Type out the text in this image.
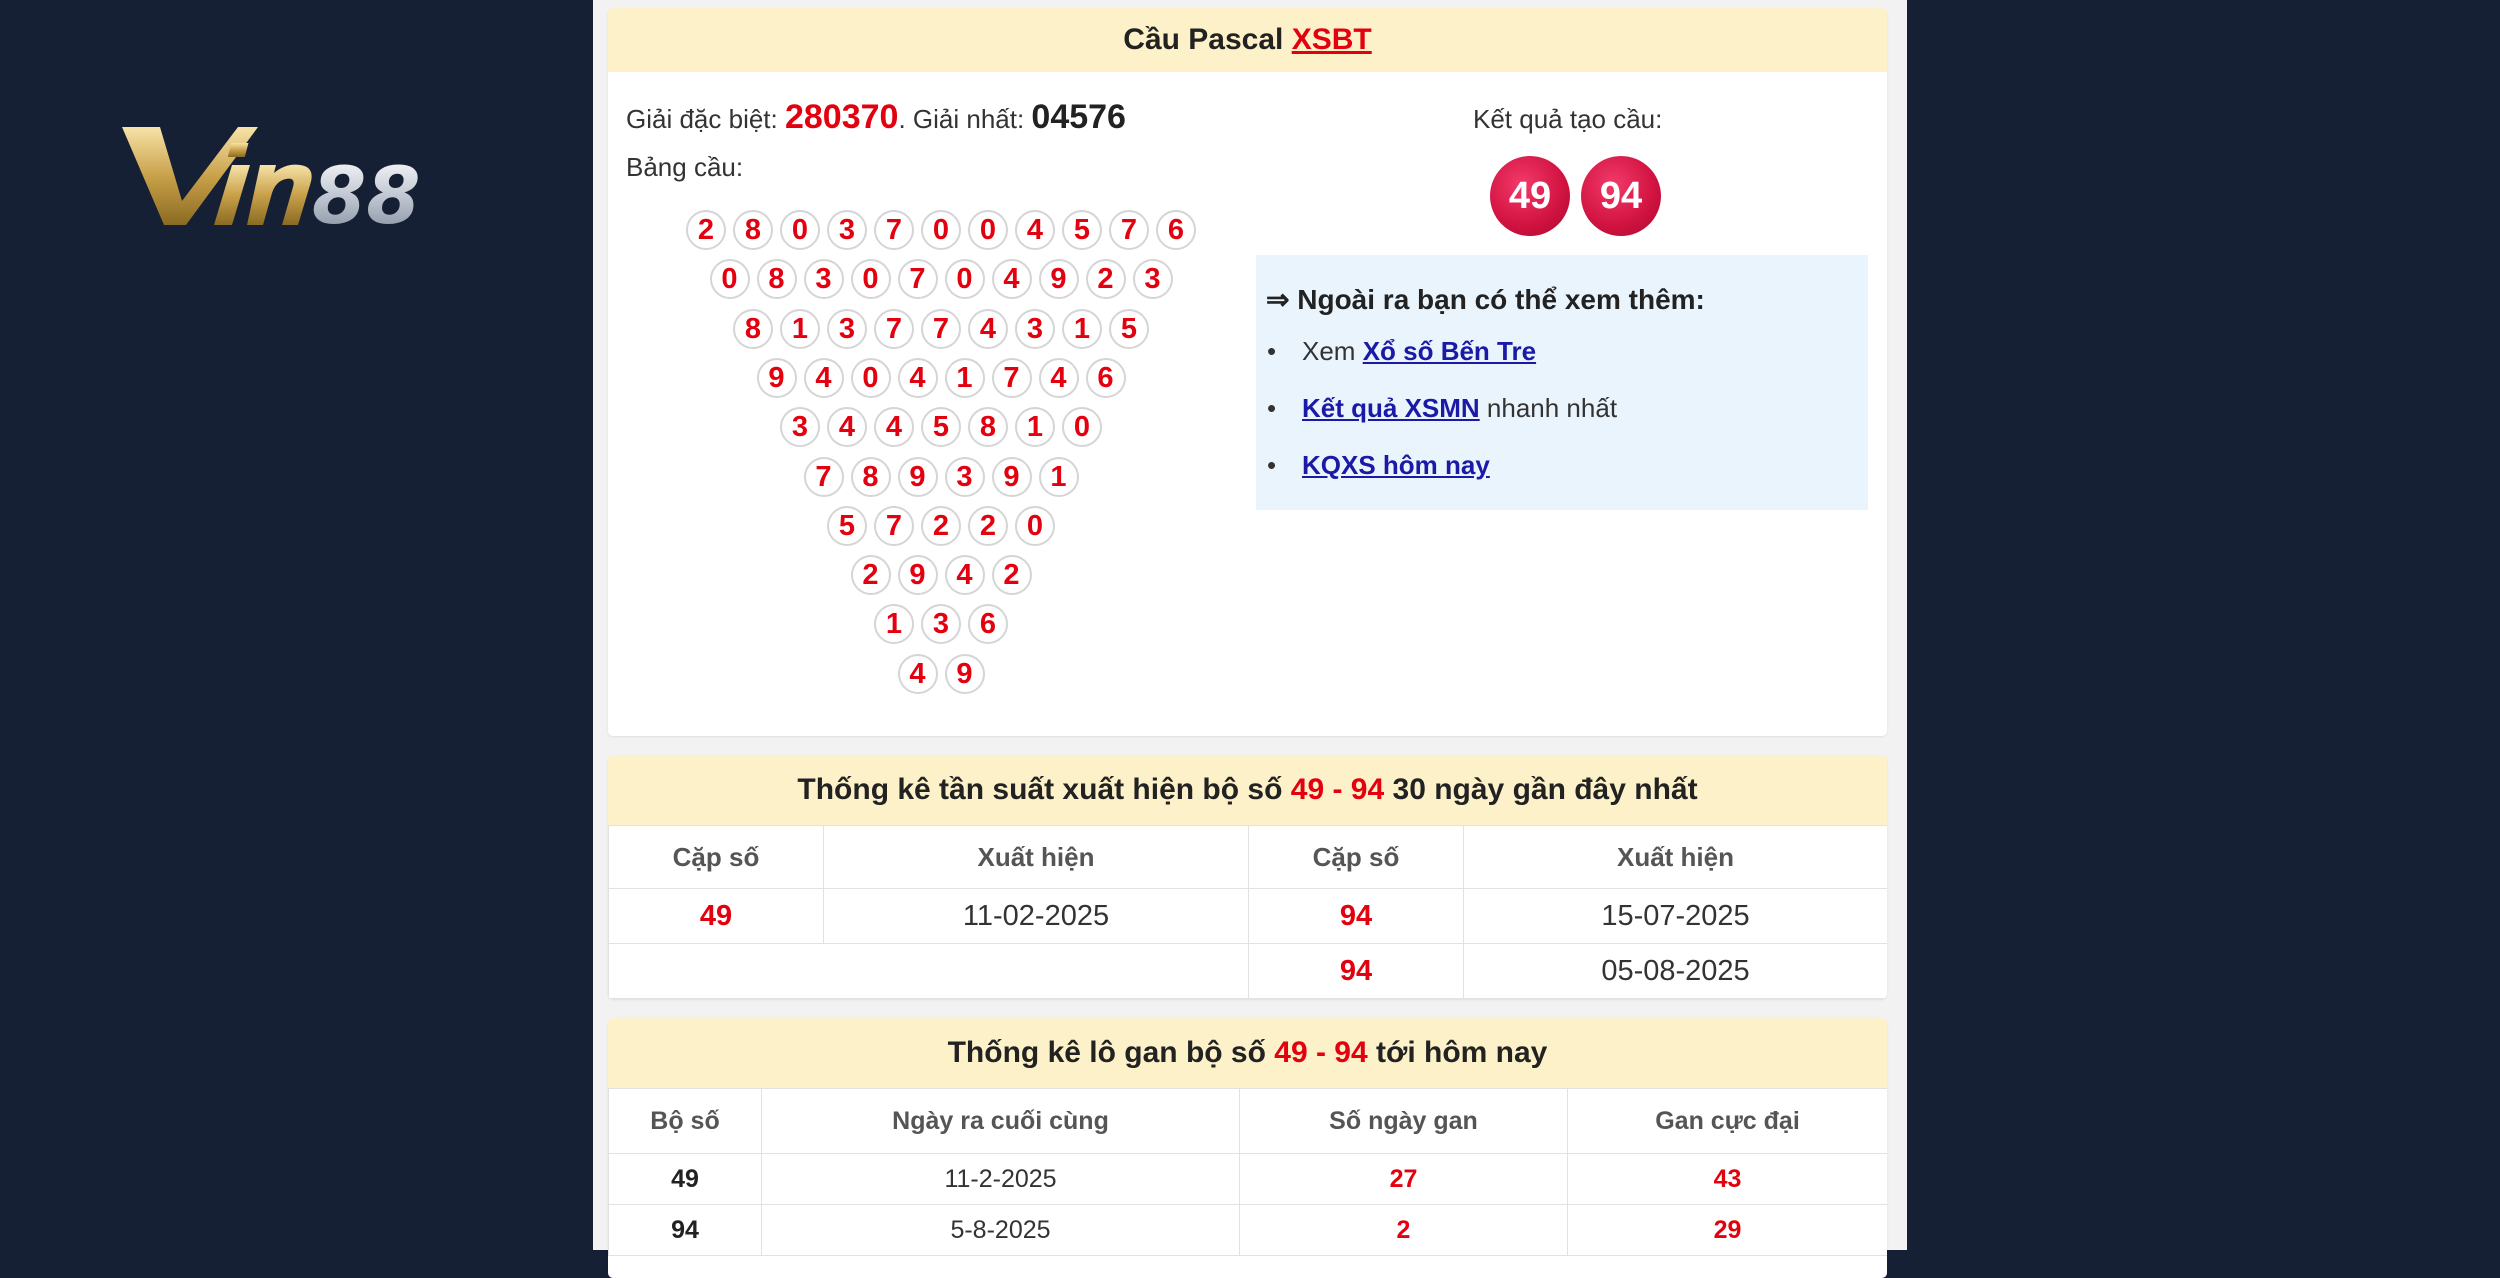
88
Cầu Pascal XSBT
Giải đặc biệt: 280370. Giải nhất: 04576
Bảng cầu:
2 8 0 3 7 0 0 4 5 7 6
0 8 3 0 7 0 4 9 2 3
8 1 3 7 7 4 3 1 5
9 4 0 4 1 7 4 6
3 4 4 5 8 1 0
7 8 9 3 9 1
5 7 2 2 0
2 9 4 2
1 3 6
4 9
Kết quả tạo cầu:
49 94
⇒ Ngoài ra bạn có thể xem thêm:
• Xem Xổ số Bến Tre
• Kết quả XSMN nhanh nhất
• KQXS hôm nay
Thống kê tần suất xuất hiện bộ số 49 - 94 30 ngày gần đây nhất
Cặp số	Xuất hiện	Cặp số	Xuất hiện
49	11-02-2025	94	15-07-2025
		94	05-08-2025
Thống kê lô gan bộ số 49 - 94 tới hôm nay
Bộ số	Ngày ra cuối cùng	Số ngày gan	Gan cực đại
49	11-2-2025	27	43
94	5-8-2025	2	29
